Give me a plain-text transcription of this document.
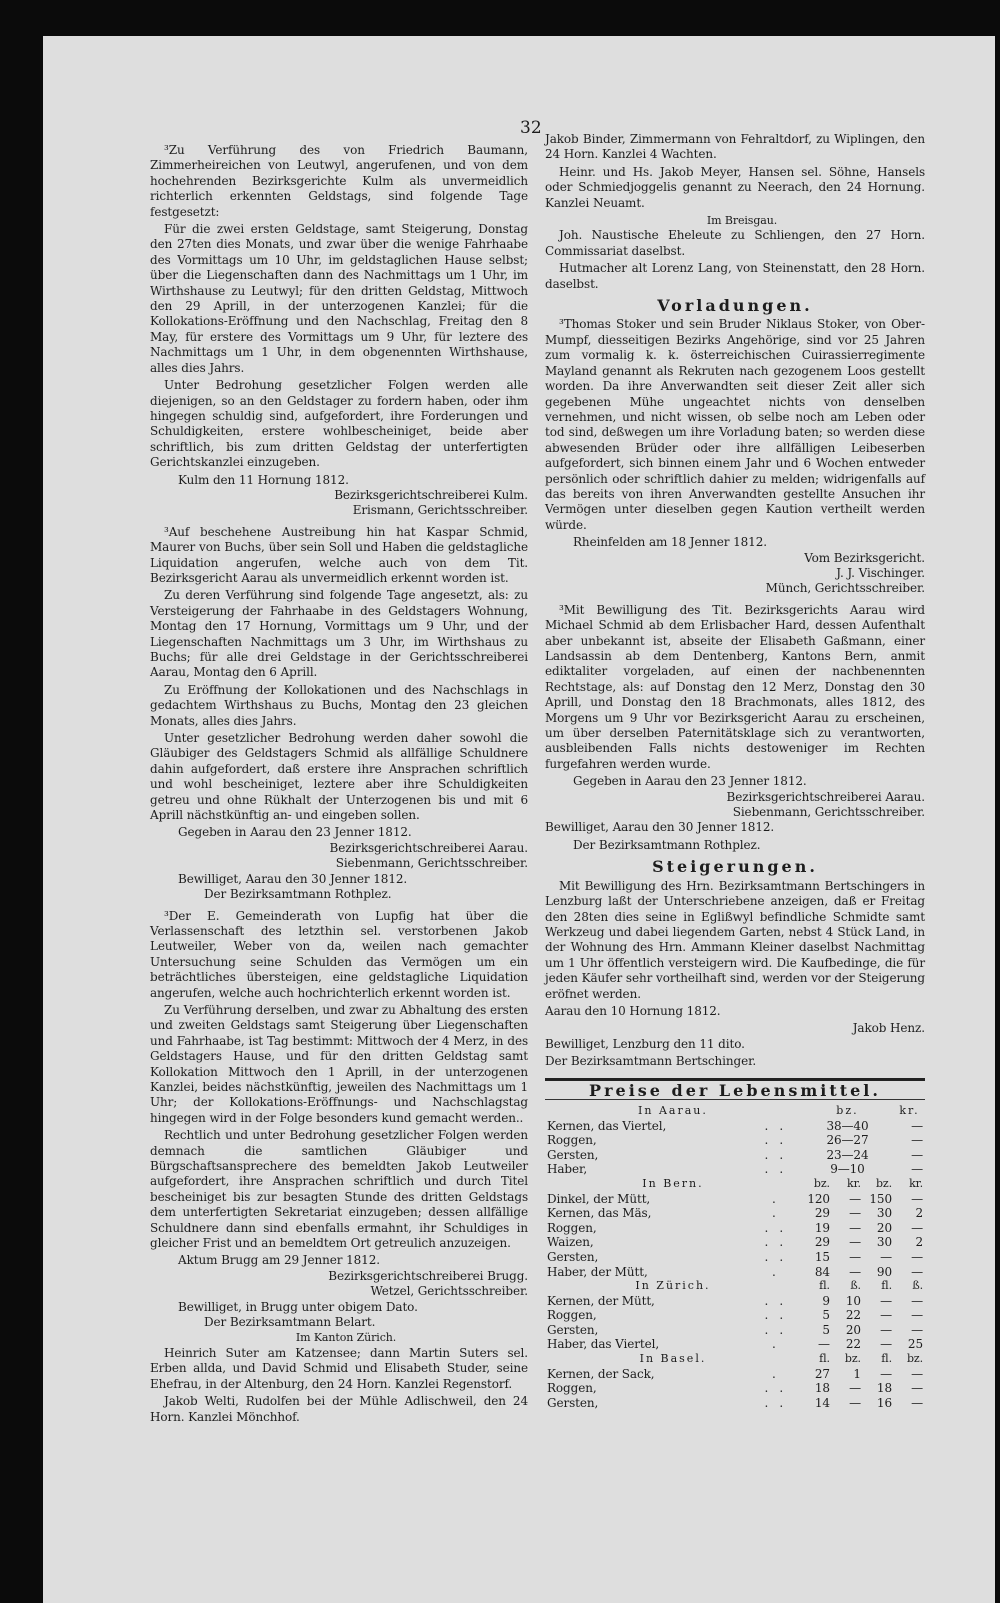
32

³Zu Verführung des von Friedrich Baumann, Zimmerheireichen von Leutwyl, angerufenen, und von dem hochehrenden Bezirksgerichte Kulm als unvermeidlich richterlich erkennten Geldstags, sind folgende Tage festgesetzt:

Für die zwei ersten Geldstage, samt Steigerung, Donstag den 27ten dies Monats, und zwar über die wenige Fahrhaabe des Vormittags um 10 Uhr, im geldstaglichen Hause selbst; über die Liegenschaften dann des Nachmittags um 1 Uhr, im Wirthshause zu Leutwyl; für den dritten Geldstag, Mittwoch den 29 Aprill, in der unterzogenen Kanzlei; für die Kollokations-Eröffnung und den Nachschlag, Freitag den 8 May, für erstere des Vormittags um 9 Uhr, für leztere des Nachmittags um 1 Uhr, in dem obgenennten Wirthshause, alles dies Jahrs.

Unter Bedrohung gesetzlicher Folgen werden alle diejenigen, so an den Geldstager zu fordern haben, oder ihm hingegen schuldig sind, aufgefordert, ihre Forderungen und Schuldigkeiten, erstere wohlbescheiniget, beide aber schriftlich, bis zum dritten Geldstag der unterfertigten Gerichtskanzlei einzugeben.

Kulm den 11 Hornung 1812.

Bezirksgerichtschreiberei Kulm.

Erismann, Gerichtsschreiber.

³Auf beschehene Austreibung hin hat Kaspar Schmid, Maurer von Buchs, über sein Soll und Haben die geldstagliche Liquidation angerufen, welche auch von dem Tit. Bezirksgericht Aarau als unvermeidlich erkennt worden ist.

Zu deren Verführung sind folgende Tage angesetzt, als: zu Versteigerung der Fahrhaabe in des Geldstagers Wohnung, Montag den 17 Hornung, Vormittags um 9 Uhr, und der Liegenschaften Nachmittags um 3 Uhr, im Wirthshaus zu Buchs; für alle drei Geldstage in der Gerichtsschreiberei Aarau, Montag den 6 Aprill.

Zu Eröffnung der Kollokationen und des Nachschlags in gedachtem Wirthshaus zu Buchs, Montag den 23 gleichen Monats, alles dies Jahrs.

Unter gesetzlicher Bedrohung werden daher sowohl die Gläubiger des Geldstagers Schmid als allfällige Schuldnere dahin aufgefordert, daß erstere ihre Ansprachen schriftlich und wohl bescheiniget, leztere aber ihre Schuldigkeiten getreu und ohne Rükhalt der Unterzogenen bis und mit 6 Aprill nächstkünftig an- und eingeben sollen.

Gegeben in Aarau den 23 Jenner 1812.

Bezirksgerichtschreiberei Aarau.

Siebenmann, Gerichtsschreiber.

Bewilliget, Aarau den 30 Jenner 1812.

Der Bezirksamtmann Rothplez.

³Der E. Gemeinderath von Lupfig hat über die Verlassenschaft des letzthin sel. verstorbenen Jakob Leutweiler, Weber von da, weilen nach gemachter Untersuchung seine Schulden das Vermögen um ein beträchtliches übersteigen, eine geldstagliche Liquidation angerufen, welche auch hochrichterlich erkennt worden ist.

Zu Verführung derselben, und zwar zu Abhaltung des ersten und zweiten Geldstags samt Steigerung über Liegenschaften und Fahrhaabe, ist Tag bestimmt: Mittwoch der 4 Merz, in des Geldstagers Hause, und für den dritten Geldstag samt Kollokation Mittwoch den 1 Aprill, in der unterzogenen Kanzlei, beides nächstkünftig, jeweilen des Nachmittags um 1 Uhr; der Kollokations-Eröffnungs- und Nachschlagstag hingegen wird in der Folge besonders kund gemacht werden..

Rechtlich und unter Bedrohung gesetzlicher Folgen werden demnach die samtlichen Gläubiger und Bürgschaftsansprechere des bemeldten Jakob Leutweiler aufgefordert, ihre Ansprachen schriftlich und durch Titel bescheiniget bis zur besagten Stunde des dritten Geldstags dem unterfertigten Sekretariat einzugeben; dessen allfällige Schuldnere dann sind ebenfalls ermahnt, ihr Schuldiges in gleicher Frist und an bemeldtem Ort getreulich anzuzeigen.

Aktum Brugg am 29 Jenner 1812.

Bezirksgerichtschreiberei Brugg.

Wetzel, Gerichtsschreiber.

Bewilliget, in Brugg unter obigem Dato.

Der Bezirksamtmann Belart.

Im Kanton Zürich.

Heinrich Suter am Katzensee; dann Martin Suters sel. Erben allda, und David Schmid und Elisabeth Studer, seine Ehefrau, in der Altenburg, den 24 Horn. Kanzlei Regenstorf.

Jakob Welti, Rudolfen bei der Mühle Adlischweil, den 24 Horn. Kanzlei Mönchhof.

Jakob Binder, Zimmermann von Fehraltdorf, zu Wiplingen, den 24 Horn. Kanzlei 4 Wachten.

Heinr. und Hs. Jakob Meyer, Hansen sel. Söhne, Hansels oder Schmiedjoggelis genannt zu Neerach, den 24 Hornung. Kanzlei Neuamt.

Im Breisgau.

Joh. Naustische Eheleute zu Schliengen, den 27 Horn. Commissariat daselbst.

Hutmacher alt Lorenz Lang, von Steinenstatt, den 28 Horn. daselbst.

Vorladungen.

³Thomas Stoker und sein Bruder Niklaus Stoker, von Ober-Mumpf, diesseitigen Bezirks Angehörige, sind vor 25 Jahren zum vormalig k. k. österreichischen Cuirassierregimente Mayland genannt als Rekruten nach gezogenem Loos gestellt worden. Da ihre Anverwandten seit dieser Zeit aller sich gegebenen Mühe ungeachtet nichts von denselben vernehmen, und nicht wissen, ob selbe noch am Leben oder tod sind, deßwegen um ihre Vorladung baten; so werden diese abwesenden Brüder oder ihre allfälligen Leibeserben aufgefordert, sich binnen einem Jahr und 6 Wochen entweder persönlich oder schriftlich dahier zu melden; widrigenfalls auf das bereits von ihren Anverwandten gestellte Ansuchen ihr Vermögen unter dieselben gegen Kaution vertheilt werden würde.

Rheinfelden am 18 Jenner 1812.

Vom Bezirksgericht.

J. J. Vischinger.

Münch, Gerichtsschreiber.

³Mit Bewilligung des Tit. Bezirksgerichts Aarau wird Michael Schmid ab dem Erlisbacher Hard, dessen Aufenthalt aber unbekannt ist, abseite der Elisabeth Gaßmann, einer Landsassin ab dem Dentenberg, Kantons Bern, anmit ediktaliter vorgeladen, auf einen der nachbenennten Rechtstage, als: auf Donstag den 12 Merz, Donstag den 30 Aprill, und Donstag den 18 Brachmonats, alles 1812, des Morgens um 9 Uhr vor Bezirksgericht Aarau zu erscheinen, um über derselben Paternitätsklage sich zu verantworten, ausbleibenden Falls nichts destoweniger im Rechten furgefahren werden wurde.

Gegeben in Aarau den 23 Jenner 1812.

Bezirksgerichtschreiberei Aarau.

Siebenmann, Gerichtsschreiber.

Bewilliget, Aarau den 30 Jenner 1812.

Der Bezirksamtmann Rothplez.

Steigerungen.

Mit Bewilligung des Hrn. Bezirksamtmann Bertschingers in Lenzburg laßt der Unterschriebene anzeigen, daß er Freitag den 28ten dies seine in Eglißwyl befindliche Schmidte samt Werkzeug und dabei liegendem Garten, nebst 4 Stück Land, in der Wohnung des Hrn. Ammann Kleiner daselbst Nachmittag um 1 Uhr öffentlich versteigern wird. Die Kaufbedinge, die für jeden Käufer sehr vortheilhaft sind, werden vor der Steigerung eröfnet werden.

Aarau den 10 Hornung 1812.

Jakob Henz.

Bewilliget, Lenzburg den 11 dito.

Der Bezirksamtmann Bertschinger.

Preise der Lebensmittel.
In Aarau.		bz.			kr.
Kernen, das Viertel,	.   .	38—40			—
Roggen,	.   .	26—27			—
Gersten,	.   .	23—24			—
Haber,	.   .	9—10			—
In Bern.		bz.	kr.	bz.	kr.
Dinkel, der Mütt,	.	120	—	150	—
Kernen, das Mäs,	.	29	—	30	2
Roggen,	.   .	19	—	20	—
Waizen,	.   .	29	—	30	2
Gersten,	.   .	15	—	—	—
Haber, der Mütt,	.	84	—	90	—
In Zürich.		fl.	ß.	fl.	ß.
Kernen, der Mütt,	.   .	9	10	—	—
Roggen,	.   .	5	22	—	—
Gersten,	.   .	5	20	—	—
Haber, das Viertel,	.	—	22	—	25
In Basel.		fl.	bz.	fl.	bz.
Kernen, der Sack,	.	27	1	—	—
Roggen,	.   .	18	—	18	—
Gersten,	.   .	14	—	16	—
